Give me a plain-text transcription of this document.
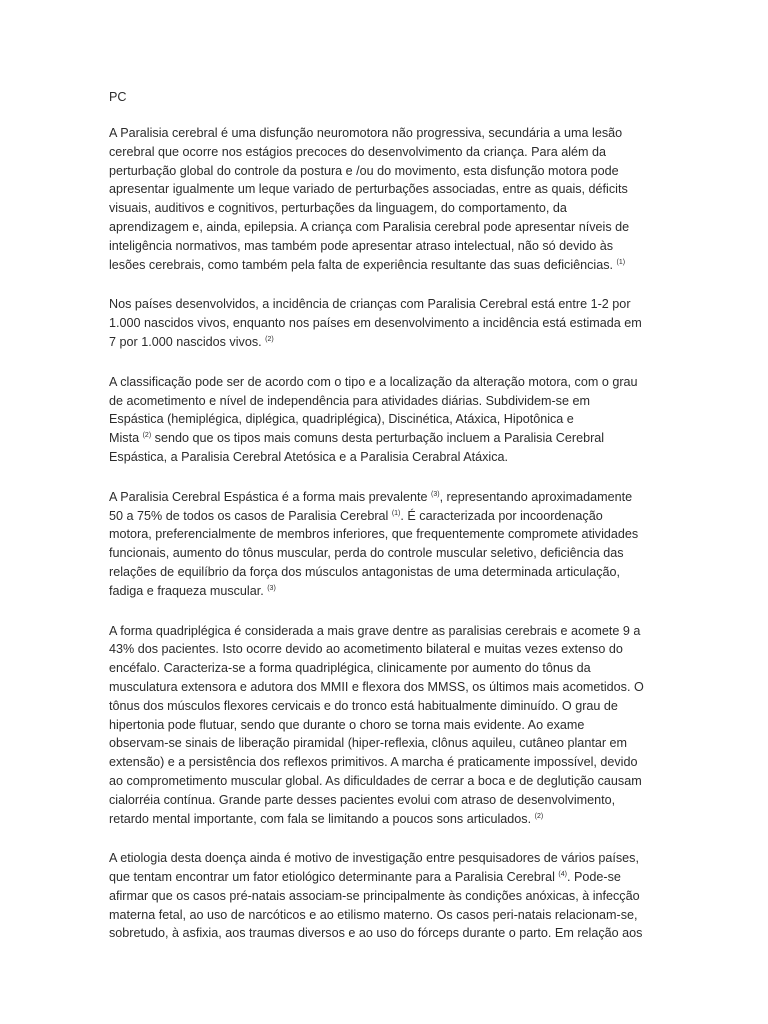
PC
A Paralisia cerebral é uma disfunção neuromotora não progressiva, secundária a uma lesão
cerebral que ocorre nos estágios precoces do desenvolvimento da criança. Para além da
perturbação global do controle da postura e /ou do movimento, esta disfunção motora pode
apresentar igualmente um leque variado de perturbações associadas, entre as quais, déficits
visuais, auditivos e cognitivos, perturbações da linguagem, do comportamento, da
aprendizagem e, ainda, epilepsia. A criança com Paralisia cerebral pode apresentar níveis de
inteligência normativos, mas também pode apresentar atraso intelectual, não só devido às
lesões cerebrais, como também pela falta de experiência resultante das suas deficiências. $^{(1)}$
Nos países desenvolvidos, a incidência de crianças com Paralisia Cerebral está entre 1-2 por
1.000 nascidos vivos, enquanto nos países em desenvolvimento a incidência está estimada em
7 por 1.000 nascidos vivos. $^{(2)}$
A classificação pode ser de acordo com o tipo e a localização da alteração motora, com o grau
de acometimento e nível de independência para atividades diárias. Subdividem-se em
Espástica (hemiplégica, diplégica, quadriplégica), Discinética, Atáxica, Hipotônica e
Mista $^{(2)}$ sendo que os tipos mais comuns desta perturbação incluem a Paralisia Cerebral
Espástica, a Paralisia Cerebral Atetósica e a Paralisia Cerabral Atáxica.
A Paralisia Cerebral Espástica é a forma mais prevalente $^{(3)}$, representando aproximadamente
50 a 75% de todos os casos de Paralisia Cerebral $^{(1)}$. É caracterizada por incoordenação
motora, preferencialmente de membros inferiores, que frequentemente compromete atividades
funcionais, aumento do tônus muscular, perda do controle muscular seletivo, deficiência das
relações de equilíbrio da força dos músculos antagonistas de uma determinada articulação,
fadiga e fraqueza muscular. $^{(3)}$
A forma quadriplégica é considerada a mais grave dentre as paralisias cerebrais e acomete 9 a
43% dos pacientes. Isto ocorre devido ao acometimento bilateral e muitas vezes extenso do
encéfalo. Caracteriza-se a forma quadriplégica, clinicamente por aumento do tônus da
musculatura extensora e adutora dos MMII e flexora dos MMSS, os últimos mais acometidos. O
tônus dos músculos flexores cervicais e do tronco está habitualmente diminuído. O grau de
hipertonia pode flutuar, sendo que durante o choro se torna mais evidente. Ao exame
observam-se sinais de liberação piramidal (hiper-reflexia, clônus aquileu, cutâneo plantar em
extensão) e a persistência dos reflexos primitivos. A marcha é praticamente impossível, devido
ao comprometimento muscular global. As dificuldades de cerrar a boca e de deglutição causam
cialorréia contínua. Grande parte desses pacientes evolui com atraso de desenvolvimento,
retardo mental importante, com fala se limitando a poucos sons articulados. $^{(2)}$
A etiologia desta doença ainda é motivo de investigação entre pesquisadores de vários países,
que tentam encontrar um fator etiológico determinante para a Paralisia Cerebral $^{(4)}$. Pode-se
afirmar que os casos pré-natais associam-se principalmente às condições anóxicas, à infecção
materna fetal, ao uso de narcóticos e ao etilismo materno. Os casos peri-natais relacionam-se,
sobretudo, à asfixia, aos traumas diversos e ao uso do fórceps durante o parto. Em relação aos
